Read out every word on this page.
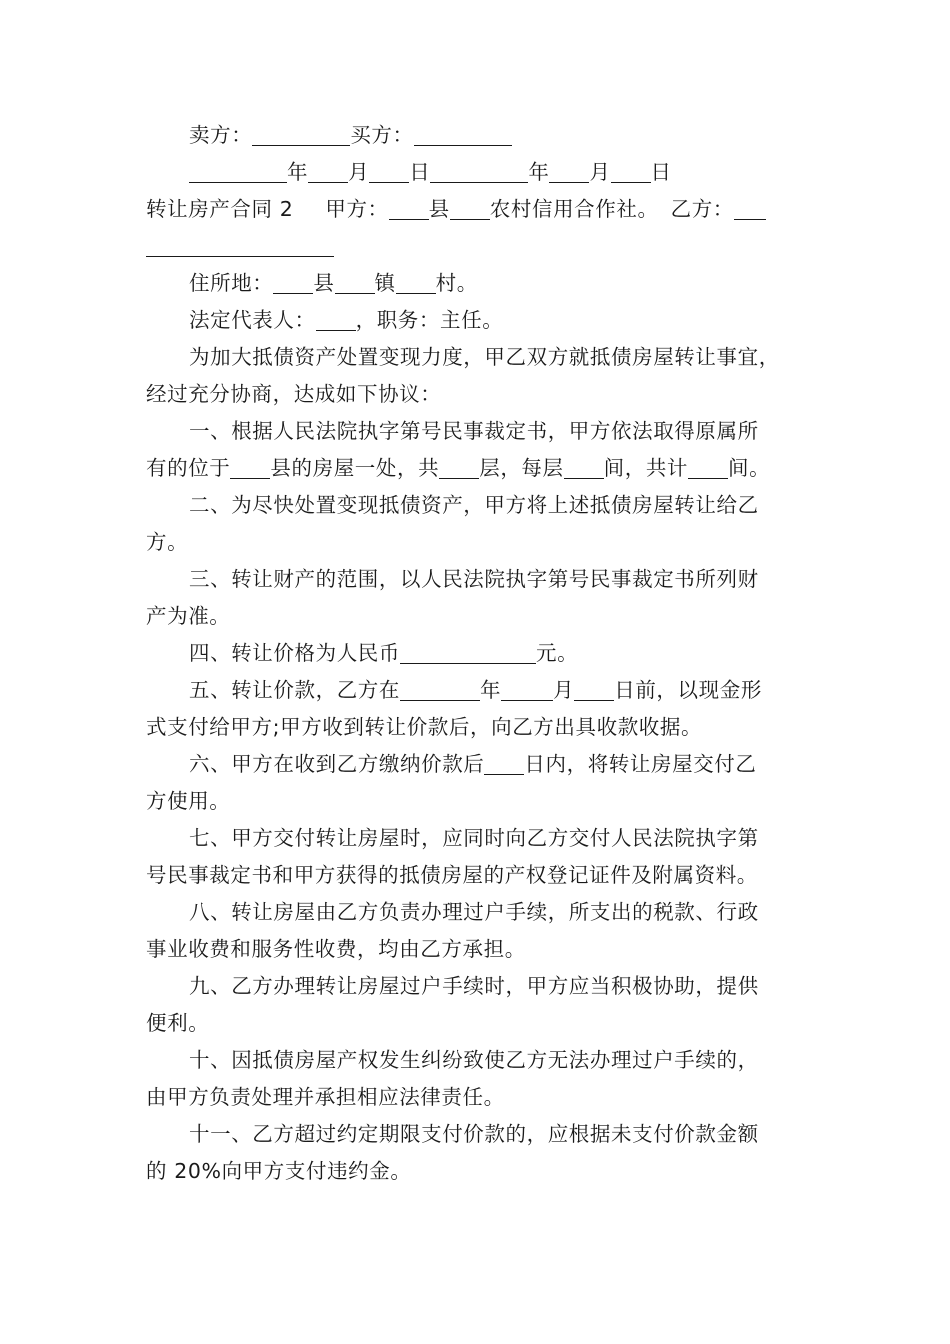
卖方：	买方：
年 月 日	年 月 日
转让房产合同 2 甲方： 县 农村信用合作社。 乙方：
住所地： 县 镇 村。
法定代表人： ，职务：主任。
为加大抵债资产处置变现力度，甲乙双方就抵债房屋转让事宜，
经过充分协商，达成如下协议：
一、根据人民法院执字第号民事裁定书，甲方依法取得原属所
有的位于 县的房屋一处，共 层，每层 间，共计 间。
二、为尽快处置变现抵债资产，甲方将上述抵债房屋转让给乙
方。
三、转让财产的范围，以人民法院执字第号民事裁定书所列财
产为准。
四、转让价格为人民币	元。
五、转让价款，乙方在	年	月 日前，以现金形
式支付给甲方;甲方收到转让价款后，向乙方出具收款收据。
六、甲方在收到乙方缴纳价款后 日内，将转让房屋交付乙
方使用。
七、甲方交付转让房屋时，应同时向乙方交付人民法院执字第
号民事裁定书和甲方获得的抵债房屋的产权登记证件及附属资料。
八、转让房屋由乙方负责办理过户手续，所支出的税款、行政
事业收费和服务性收费，均由乙方承担。
九、乙方办理转让房屋过户手续时，甲方应当积极协助，提供
便利。
十、因抵债房屋产权发生纠纷致使乙方无法办理过户手续的，
由甲方负责处理并承担相应法律责任。
十一、乙方超过约定期限支付价款的，应根据未支付价款金额
的 20%向甲方支付违约金。
